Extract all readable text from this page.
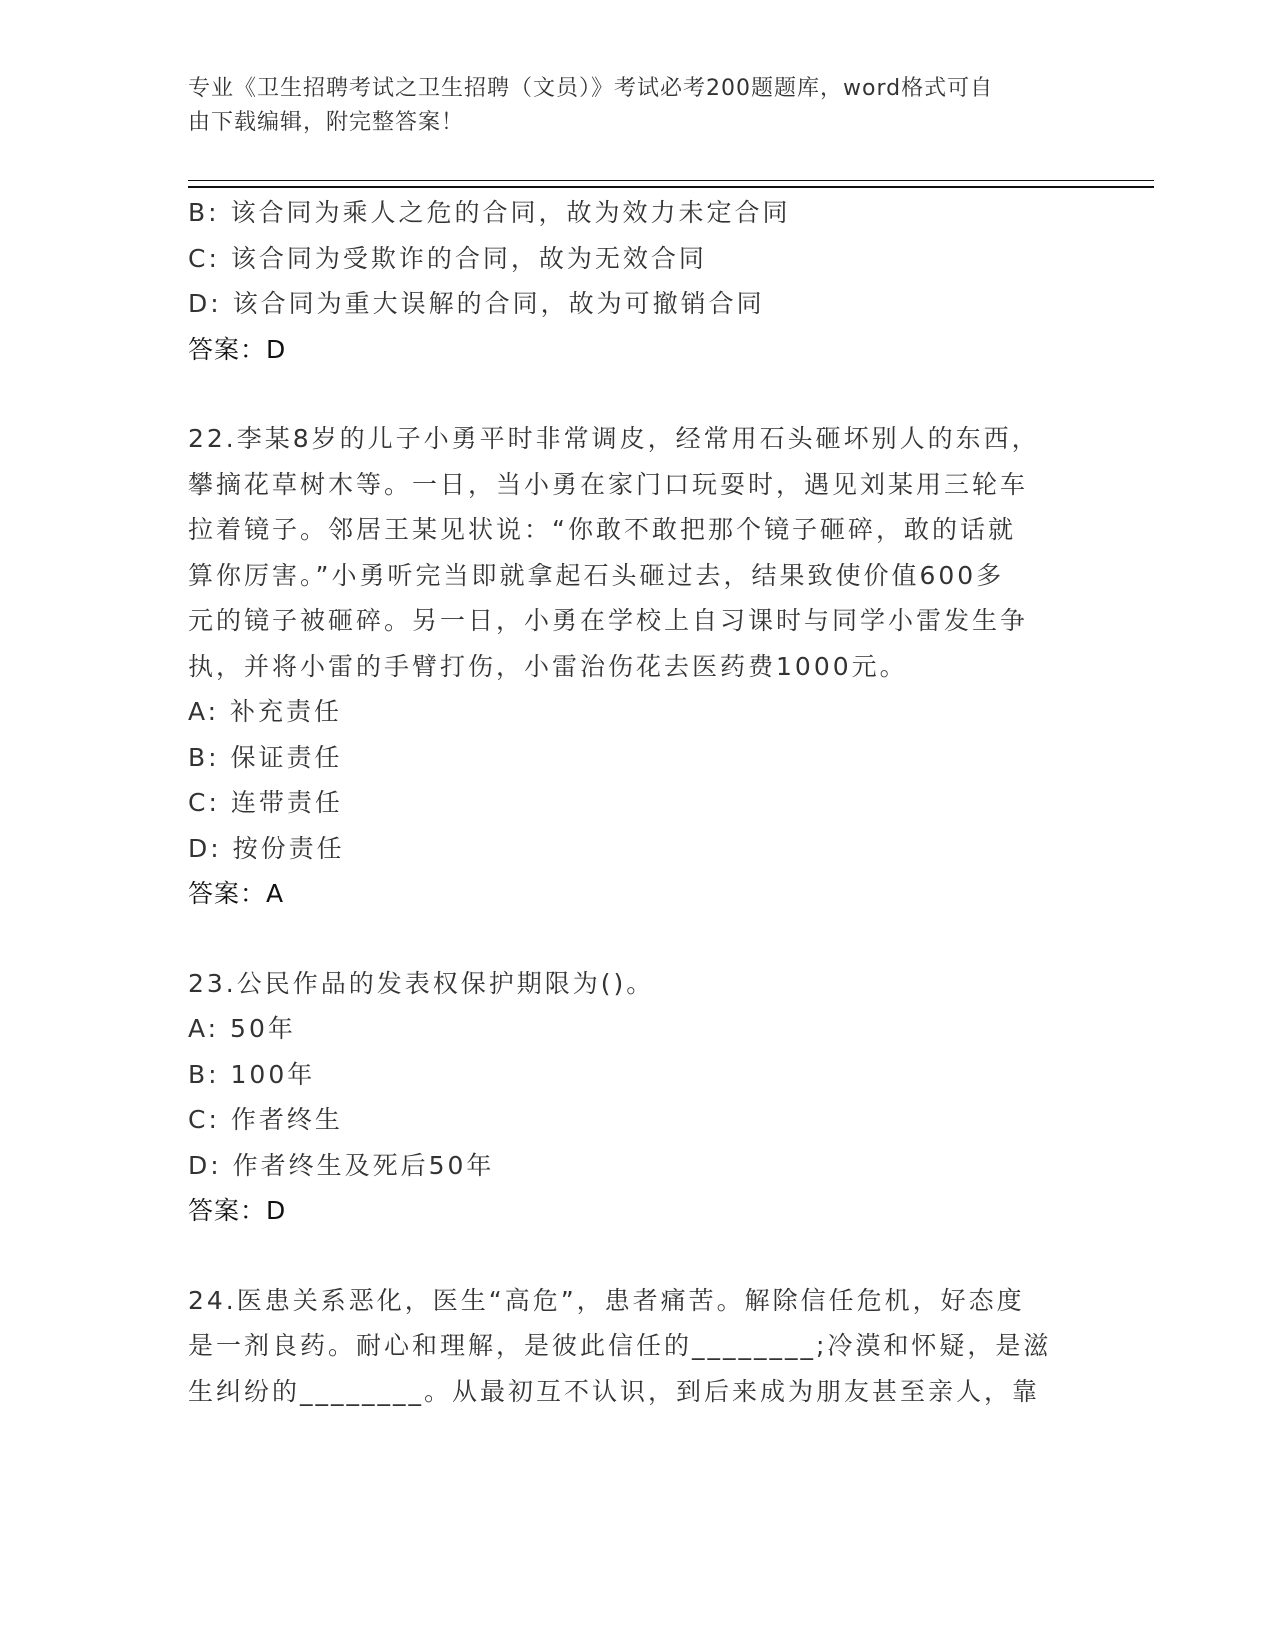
专业《卫生招聘考试之卫生招聘（文员）》考试必考200题题库，word格式可自
由下载编辑，附完整答案！
B: 该合同为乘人之危的合同，故为效力未定合同
C: 该合同为受欺诈的合同，故为无效合同
D: 该合同为重大误解的合同，故为可撤销合同
答案：D
22.李某8岁的儿子小勇平时非常调皮，经常用石头砸坏别人的东西，
攀摘花草树木等。一日，当小勇在家门口玩耍时，遇见刘某用三轮车
拉着镜子。邻居王某见状说：“你敢不敢把那个镜子砸碎，敢的话就
算你厉害。”小勇听完当即就拿起石头砸过去，结果致使价值600多
元的镜子被砸碎。另一日，小勇在学校上自习课时与同学小雷发生争
执，并将小雷的手臂打伤，小雷治伤花去医药费1000元。
A: 补充责任
B: 保证责任
C: 连带责任
D: 按份责任
答案：A
23.公民作品的发表权保护期限为()。
A: 50年
B: 100年
C: 作者终生
D: 作者终生及死后50年
答案：D
24.医患关系恶化，医生“高危”，患者痛苦。解除信任危机，好态度
是一剂良药。耐心和理解，是彼此信任的________;冷漠和怀疑，是滋
生纠纷的________。从最初互不认识，到后来成为朋友甚至亲人，靠
